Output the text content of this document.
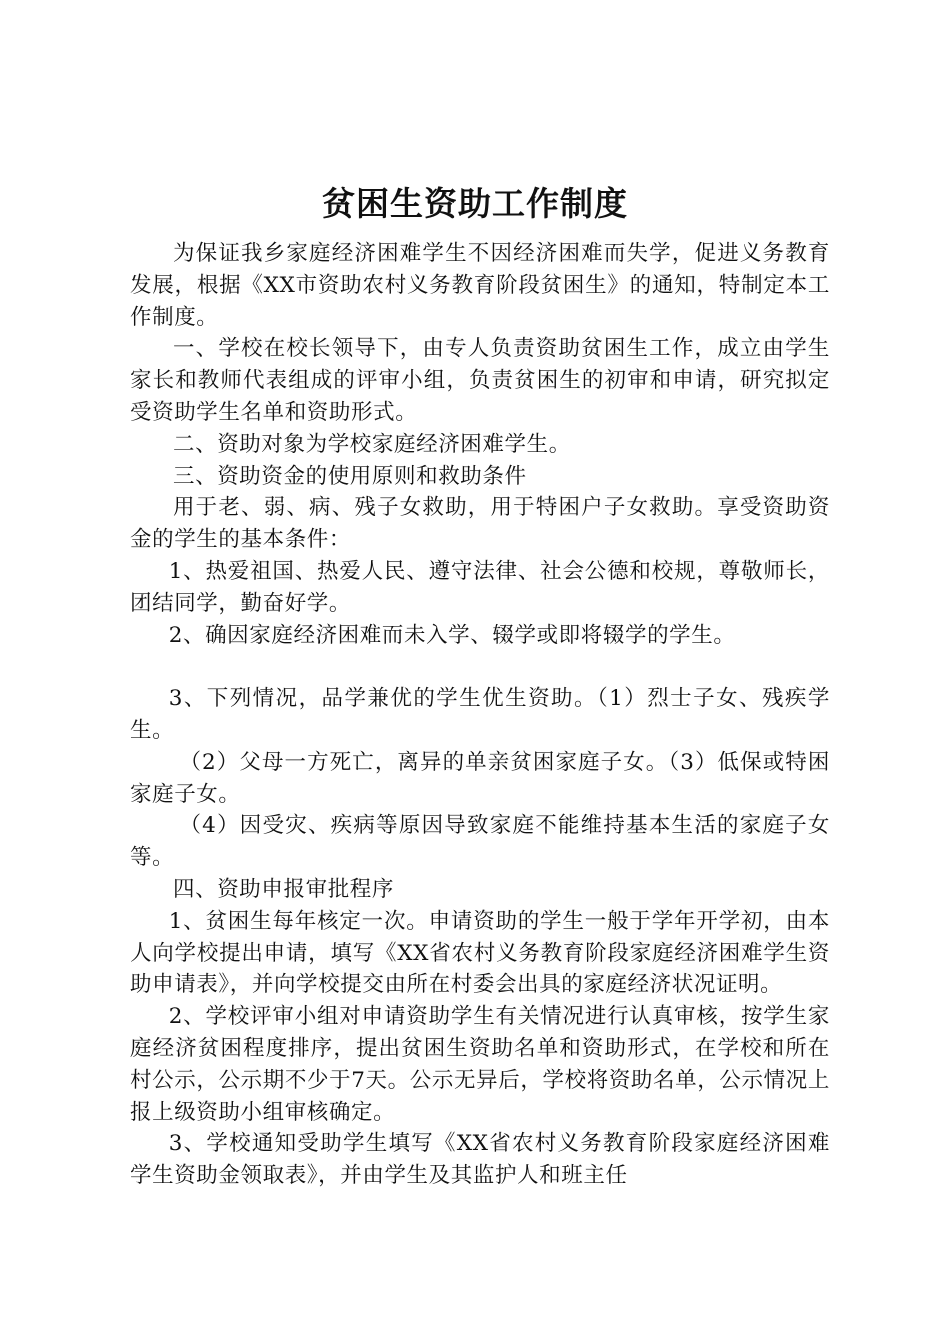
贫困生资助工作制度

为保证我乡家庭经济困难学生不因经济困难而失学，促进义务教育发展，根据《XX市资助农村义务教育阶段贫困生》的通知，特制定本工作制度。

一、学校在校长领导下，由专人负责资助贫困生工作，成立由学生家长和教师代表组成的评审小组，负责贫困生的初审和申请，研究拟定受资助学生名单和资助形式。

二、资助对象为学校家庭经济困难学生。

三、资助资金的使用原则和救助条件

用于老、弱、病、残子女救助，用于特困户子女救助。享受资助资金的学生的基本条件：

1、热爱祖国、热爱人民、遵守法律、社会公德和校规，尊敬师长，团结同学，勤奋好学。

2、确因家庭经济困难而未入学、辍学或即将辍学的学生。

3、下列情况，品学兼优的学生优生资助。（1）烈士子女、残疾学生。

（2）父母一方死亡，离异的单亲贫困家庭子女。（3）低保或特困家庭子女。

（4）因受灾、疾病等原因导致家庭不能维持基本生活的家庭子女等。

四、资助申报审批程序

1、贫困生每年核定一次。申请资助的学生一般于学年开学初，由本人向学校提出申请，填写《XX省农村义务教育阶段家庭经济困难学生资助申请表》，并向学校提交由所在村委会出具的家庭经济状况证明。

2、学校评审小组对申请资助学生有关情况进行认真审核，按学生家庭经济贫困程度排序，提出贫困生资助名单和资助形式，在学校和所在村公示，公示期不少于7天。公示无异后，学校将资助名单，公示情况上报上级资助小组审核确定。

3、学校通知受助学生填写《XX省农村义务教育阶段家庭经济困难学生资助金领取表》，并由学生及其监护人和班主任
